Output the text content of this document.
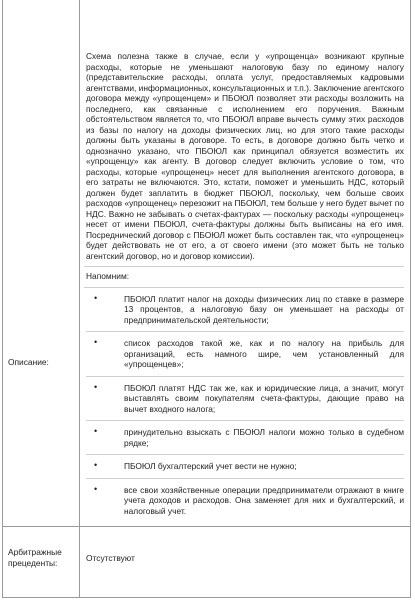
Описание:

Схема полезна также в случае, если у «упрощенца» возникают крупные расходы, которые не уменьшают налоговую базу по единому налогу (представительские расходы, оплата услуг, предоставляемых кадровыми агентствами, информационных, консультационных и т.п.). Заключение агентского договора между «упрощенцем» и ПБОЮЛ позволяет эти расходы возложить на последнего, как связанные с исполнением его поручения. Важным обстоятельством является то, что ПБОЮЛ вправе вычесть сумму этих расходов из базы по налогу на доходы физических лиц, но для этого такие расходы должны быть указаны в договоре. То есть, в договоре должно быть четко и однозначно указано, что ПБОЮЛ как принципал обязуется возместить их «упрощенцу» как агенту. В договор следует включить условие о том, что расходы, которые «упрощенец» несет для выполнения агентского договора, в его затраты не включаются. Это, кстати, поможет и уменьшить НДС, который должен будет заплатить в бюджет ПБОЮЛ, поскольку, чем больше своих расходов «упрощенец» перезожит на ПБОЮЛ, тем больше у него будет вычет по НДС. Важно не забывать о счетах-фактурах — поскольку расходы «упрощенец» несет от имени ПБОЮЛ, счета-фактуры должны быть выписаны на его имя. Посреднический договор с ПБОЮЛ может быть составлен так, что «упрощенец» будет действовать не от его, а от своего имени (это может быть не только агентский договор, но и договор комиссии).

Напомним:

•	ПБОЮЛ платит налог на доходы физических лиц по ставке в размере 13 процентов, а налоговую базу он уменьшает на расходы от предпринимательской деятельности;
•	список расходов такой же, как и по налогу на прибыль для организаций, есть намного шире, чем установленный для «упрощенцев»;
•	ПБОЮЛ платят НДС так же, как и юридические лица, а значит, могут выставлять своим покупателям счета-фактуры, дающие право на вычет входного налога;
•	принудительно взыскать с ПБОЮЛ налоги можно только в судебном рядке;
•	ПБОЮЛ бухгалтерский учет вести не нужно;
•	все свои хозяйственные операции предприниматели отражают в книге учета доходов и расходов. Она заменяет для них и бухгалтерский, и налоговый учет.
Арбитражные прецеденты:	Отсутствуют
